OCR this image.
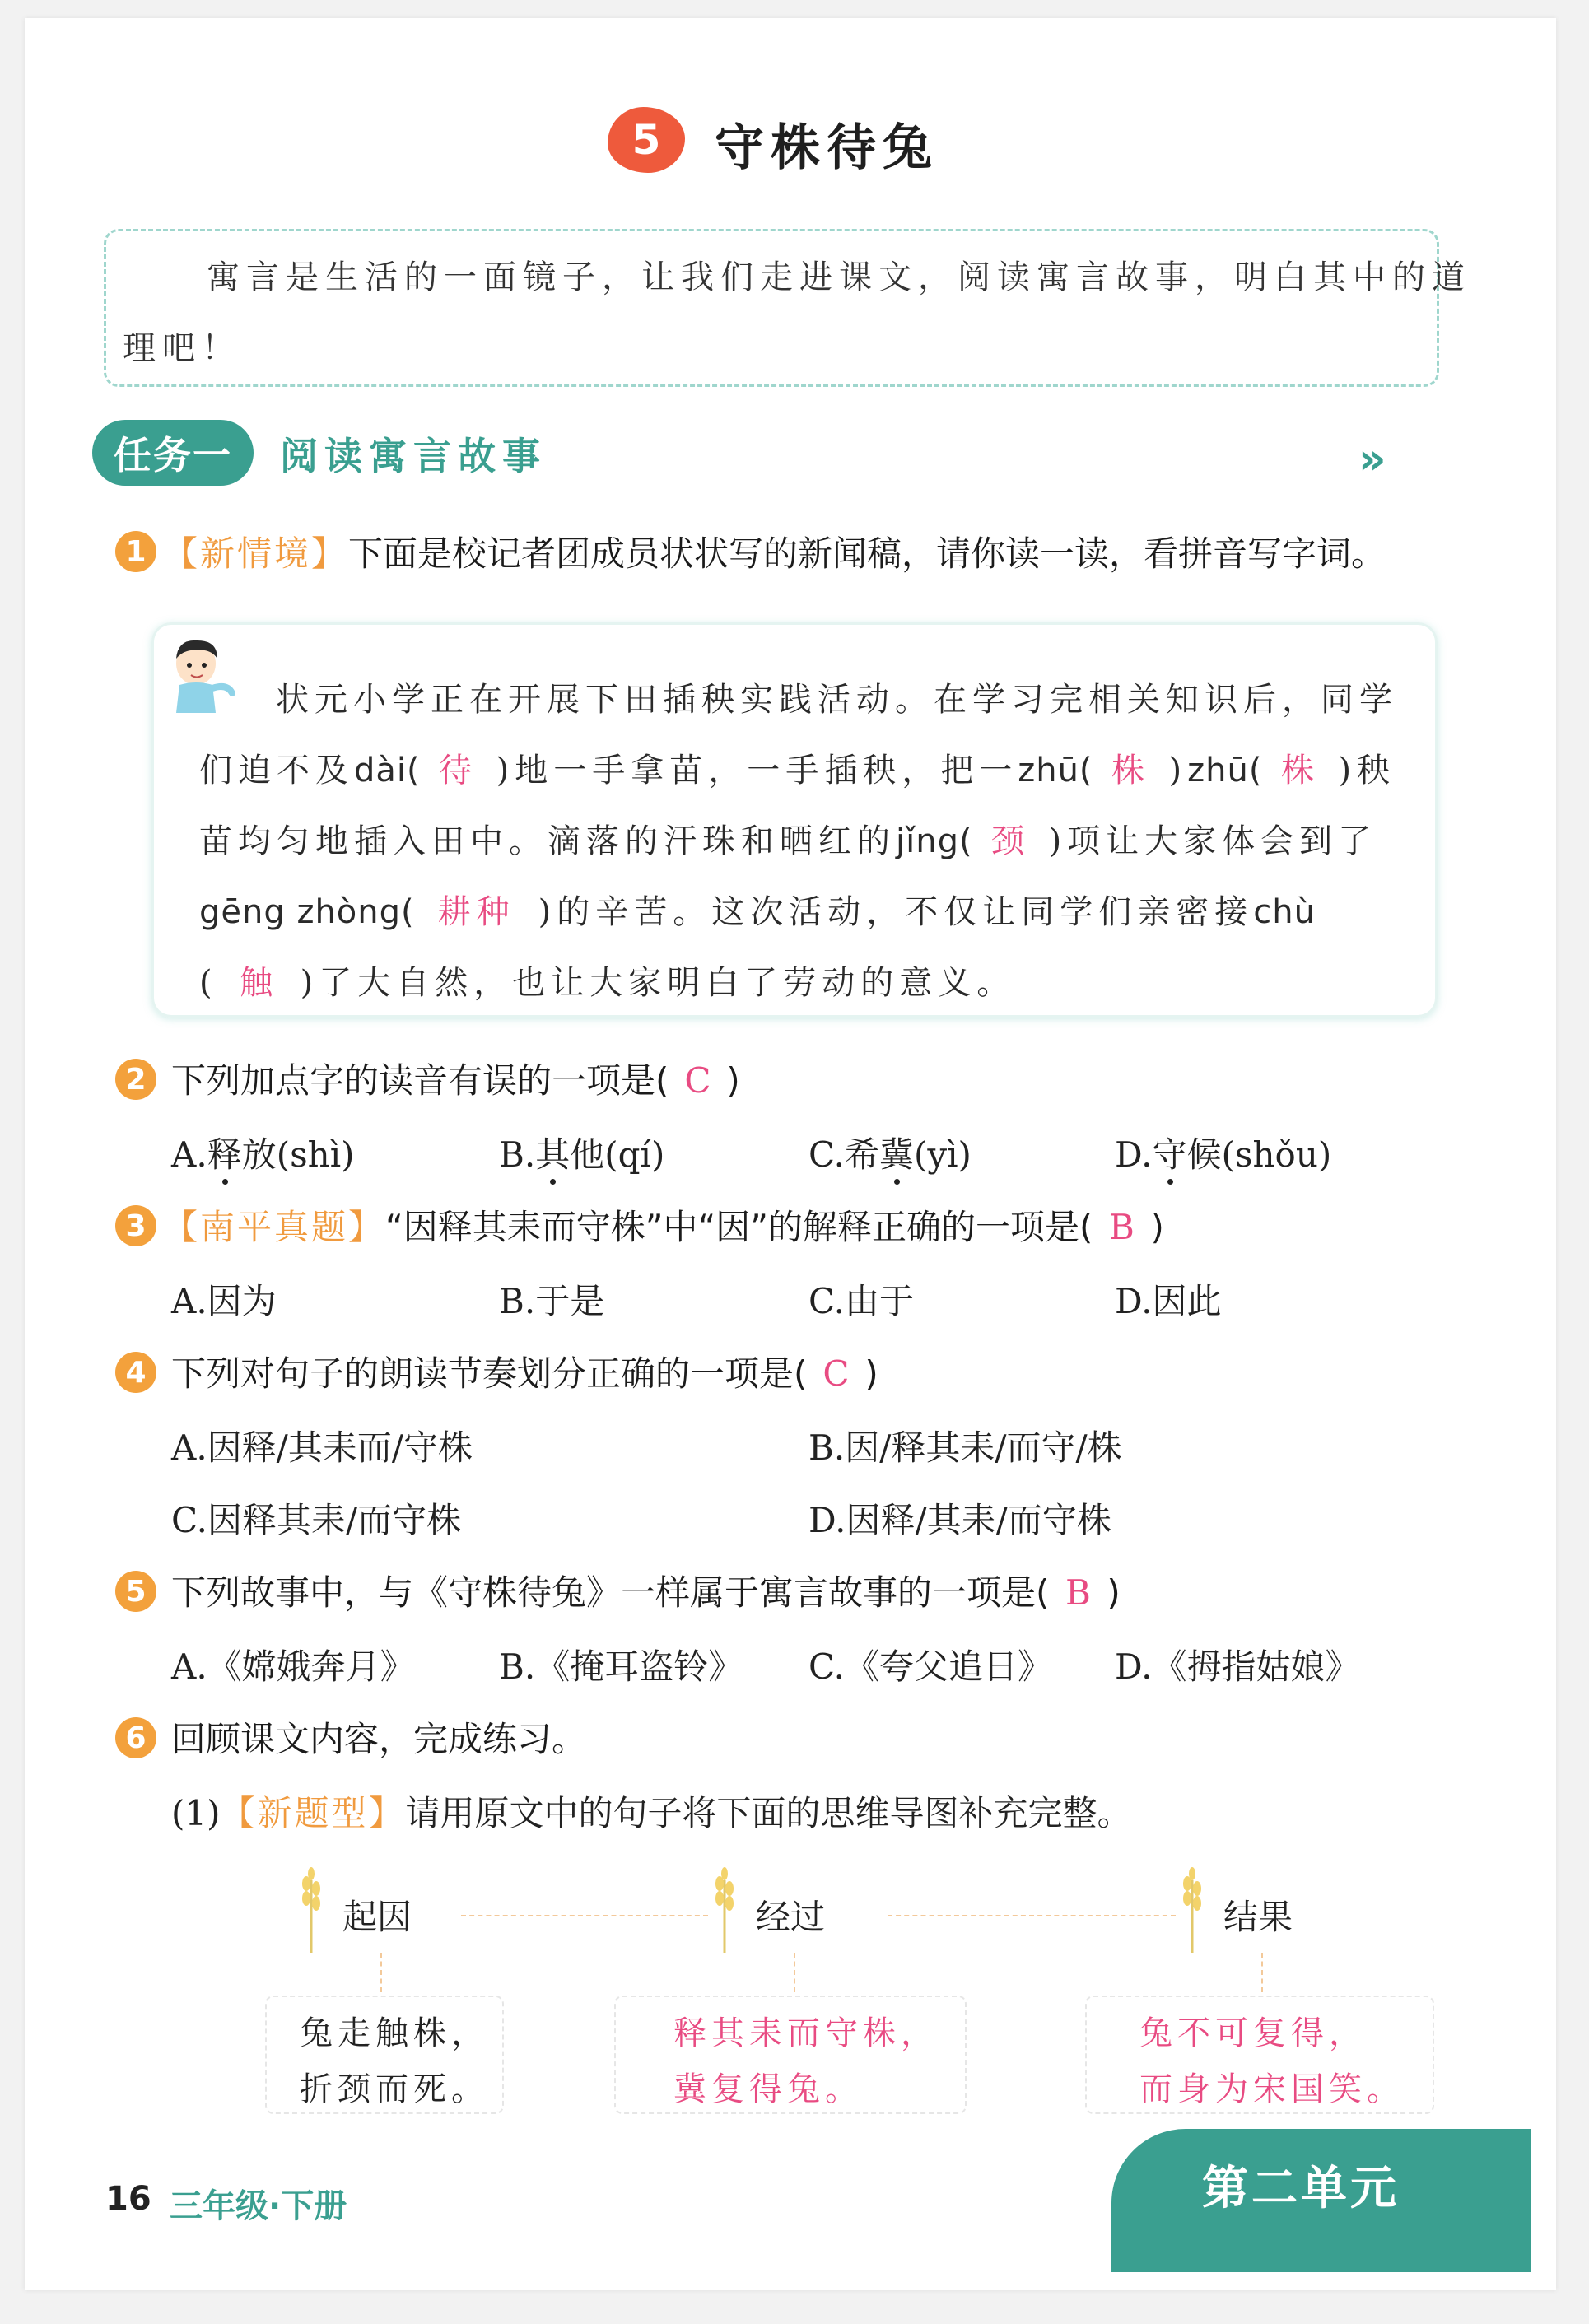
5 守株待兔
寓言是生活的一面镜子，让我们走进课文，阅读寓言故事，明白其中的道
理吧！
任务一	阅读寓言故事	»
1 【新情境】下面是校记者团成员状状写的新闻稿，请你读一读，看拼音写字词。
状元小学正在开展下田插秧实践活动。在学习完相关知识后，同学
们迫不及dài( 待 )地一手拿苗，一手插秧，把一zhū( 株 )zhū( 株 )秧
苗均匀地插入田中。滴落的汗珠和晒红的jǐng( 颈 )项让大家体会到了
gēng zhòng( 耕种 )的辛苦。这次活动，不仅让同学们亲密接chù
( 触 )了大自然，也让大家明白了劳动的意义。
2 下列加点字的读音有误的一项是( C )
A.释放(shì)	B.其他(qí)	C.希冀(yì)	D.守候(shǒu)
3 【南平真题】“因释其耒而守株”中“因”的解释正确的一项是( B )
A.因为	B.于是	C.由于	D.因此
4 下列对句子的朗读节奏划分正确的一项是( C )
A.因释/其耒而/守株	B.因/释其耒/而守/株
C.因释其耒/而守株	D.因释/其耒/而守株
5 下列故事中，与《守株待兔》一样属于寓言故事的一项是( B )
A.《嫦娥奔月》 B.《掩耳盗铃》 C.《夸父追日》 D.《拇指姑娘》
6 回顾课文内容，完成练习。
(1)【新题型】请用原文中的句子将下面的思维导图补充完整。
起因	经过	结果
兔走触株，
折颈而死。
释其耒而守株，
冀复得兔。
兔不可复得，
而身为宋国笑。
16 三年级·下册	第二单元
